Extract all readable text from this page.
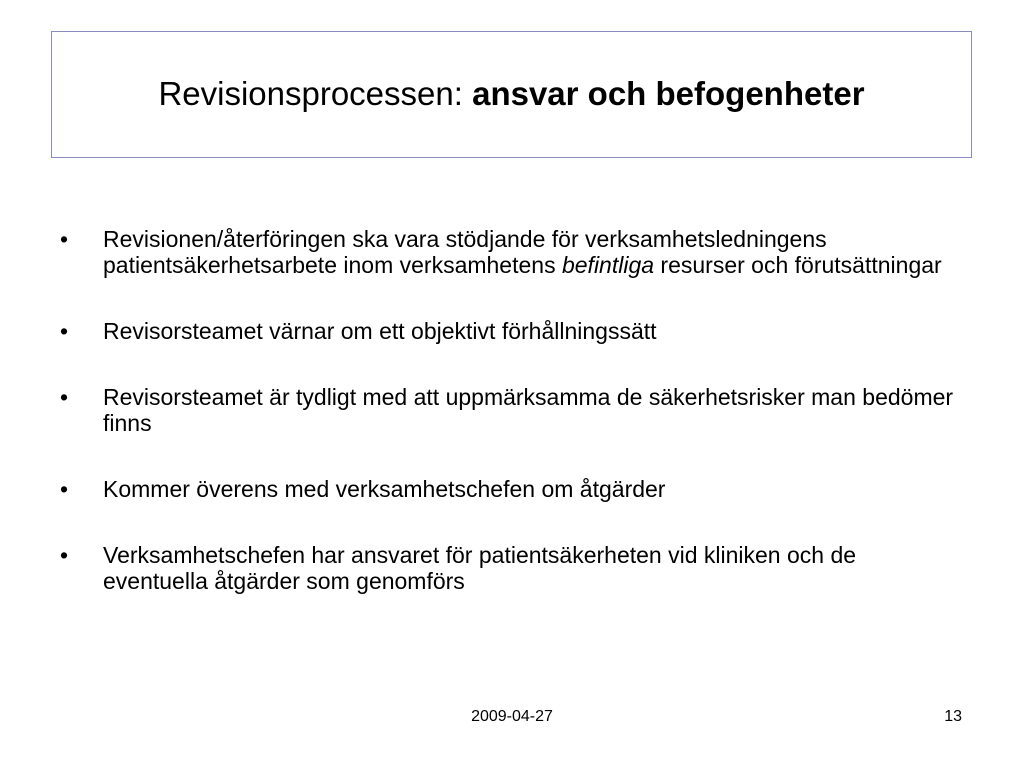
Revisionsprocessen: ansvar och befogenheter
• Revisionen/återföringen ska vara stödjande för verksamhetsledningens patientsäkerhetsarbete inom verksamhetens befintliga resurser och förutsättningar
• Revisorsteamet värnar om ett objektivt förhållningssätt
• Revisorsteamet är tydligt med att uppmärksamma de säkerhetsrisker man bedömer finns
• Kommer överens med verksamhetschefen om åtgärder
• Verksamhetschefen har ansvaret för patientsäkerheten vid kliniken och de eventuella åtgärder som genomförs
2009-04-27	13
